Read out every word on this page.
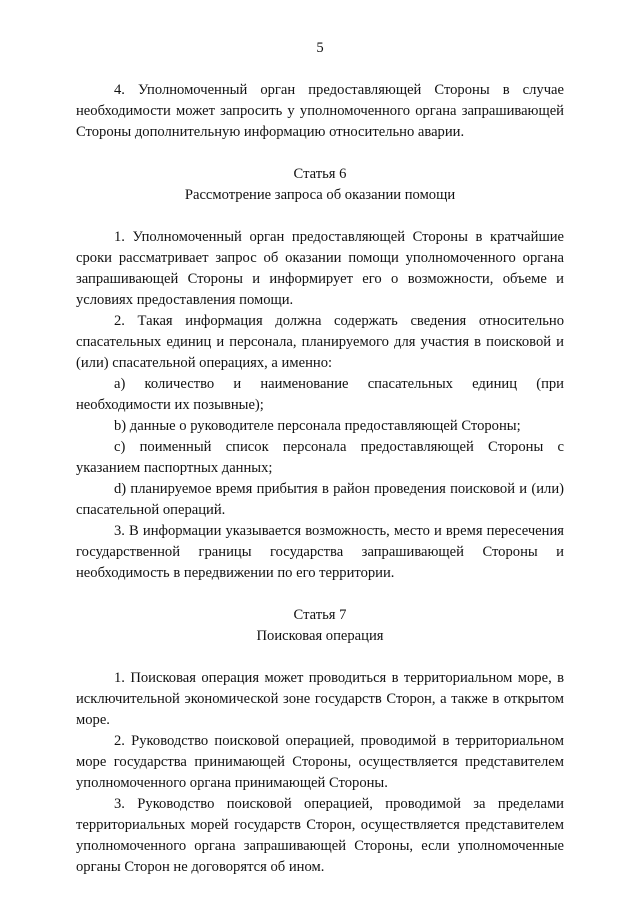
5

4. Уполномоченный орган предоставляющей Стороны в случае необходимости может запросить у уполномоченного органа запрашивающей Стороны дополнительную информацию относительно аварии.

Статья 6

Рассмотрение запроса об оказании помощи

1. Уполномоченный орган предоставляющей Стороны в кратчайшие сроки рассматривает запрос об оказании помощи уполномоченного органа запрашивающей Стороны и информирует его о возможности, объеме и условиях предоставления помощи.

2. Такая информация должна содержать сведения относительно спасательных единиц и персонала, планируемого для участия в поисковой и (или) спасательной операциях, а именно:

а) количество и наименование спасательных единиц (при необходимости их позывные);

b) данные о руководителе персонала предоставляющей Стороны;

с) поименный список персонала предоставляющей Стороны с указанием паспортных данных;

d) планируемое время прибытия в район проведения поисковой и (или) спасательной операций.

3. В информации указывается возможность, место и время пересечения государственной границы государства запрашивающей Стороны и необходимость в передвижении по его территории.

Статья 7

Поисковая операция

1. Поисковая операция может проводиться в территориальном море, в исключительной экономической зоне государств Сторон, а также в открытом море.

2. Руководство поисковой операцией, проводимой в территориальном море государства принимающей Стороны, осуществляется представителем уполномоченного органа принимающей Стороны.

3. Руководство поисковой операцией, проводимой за пределами территориальных морей государств Сторон, осуществляется представителем уполномоченного органа запрашивающей Стороны, если уполномоченные органы Сторон не договорятся об ином.
